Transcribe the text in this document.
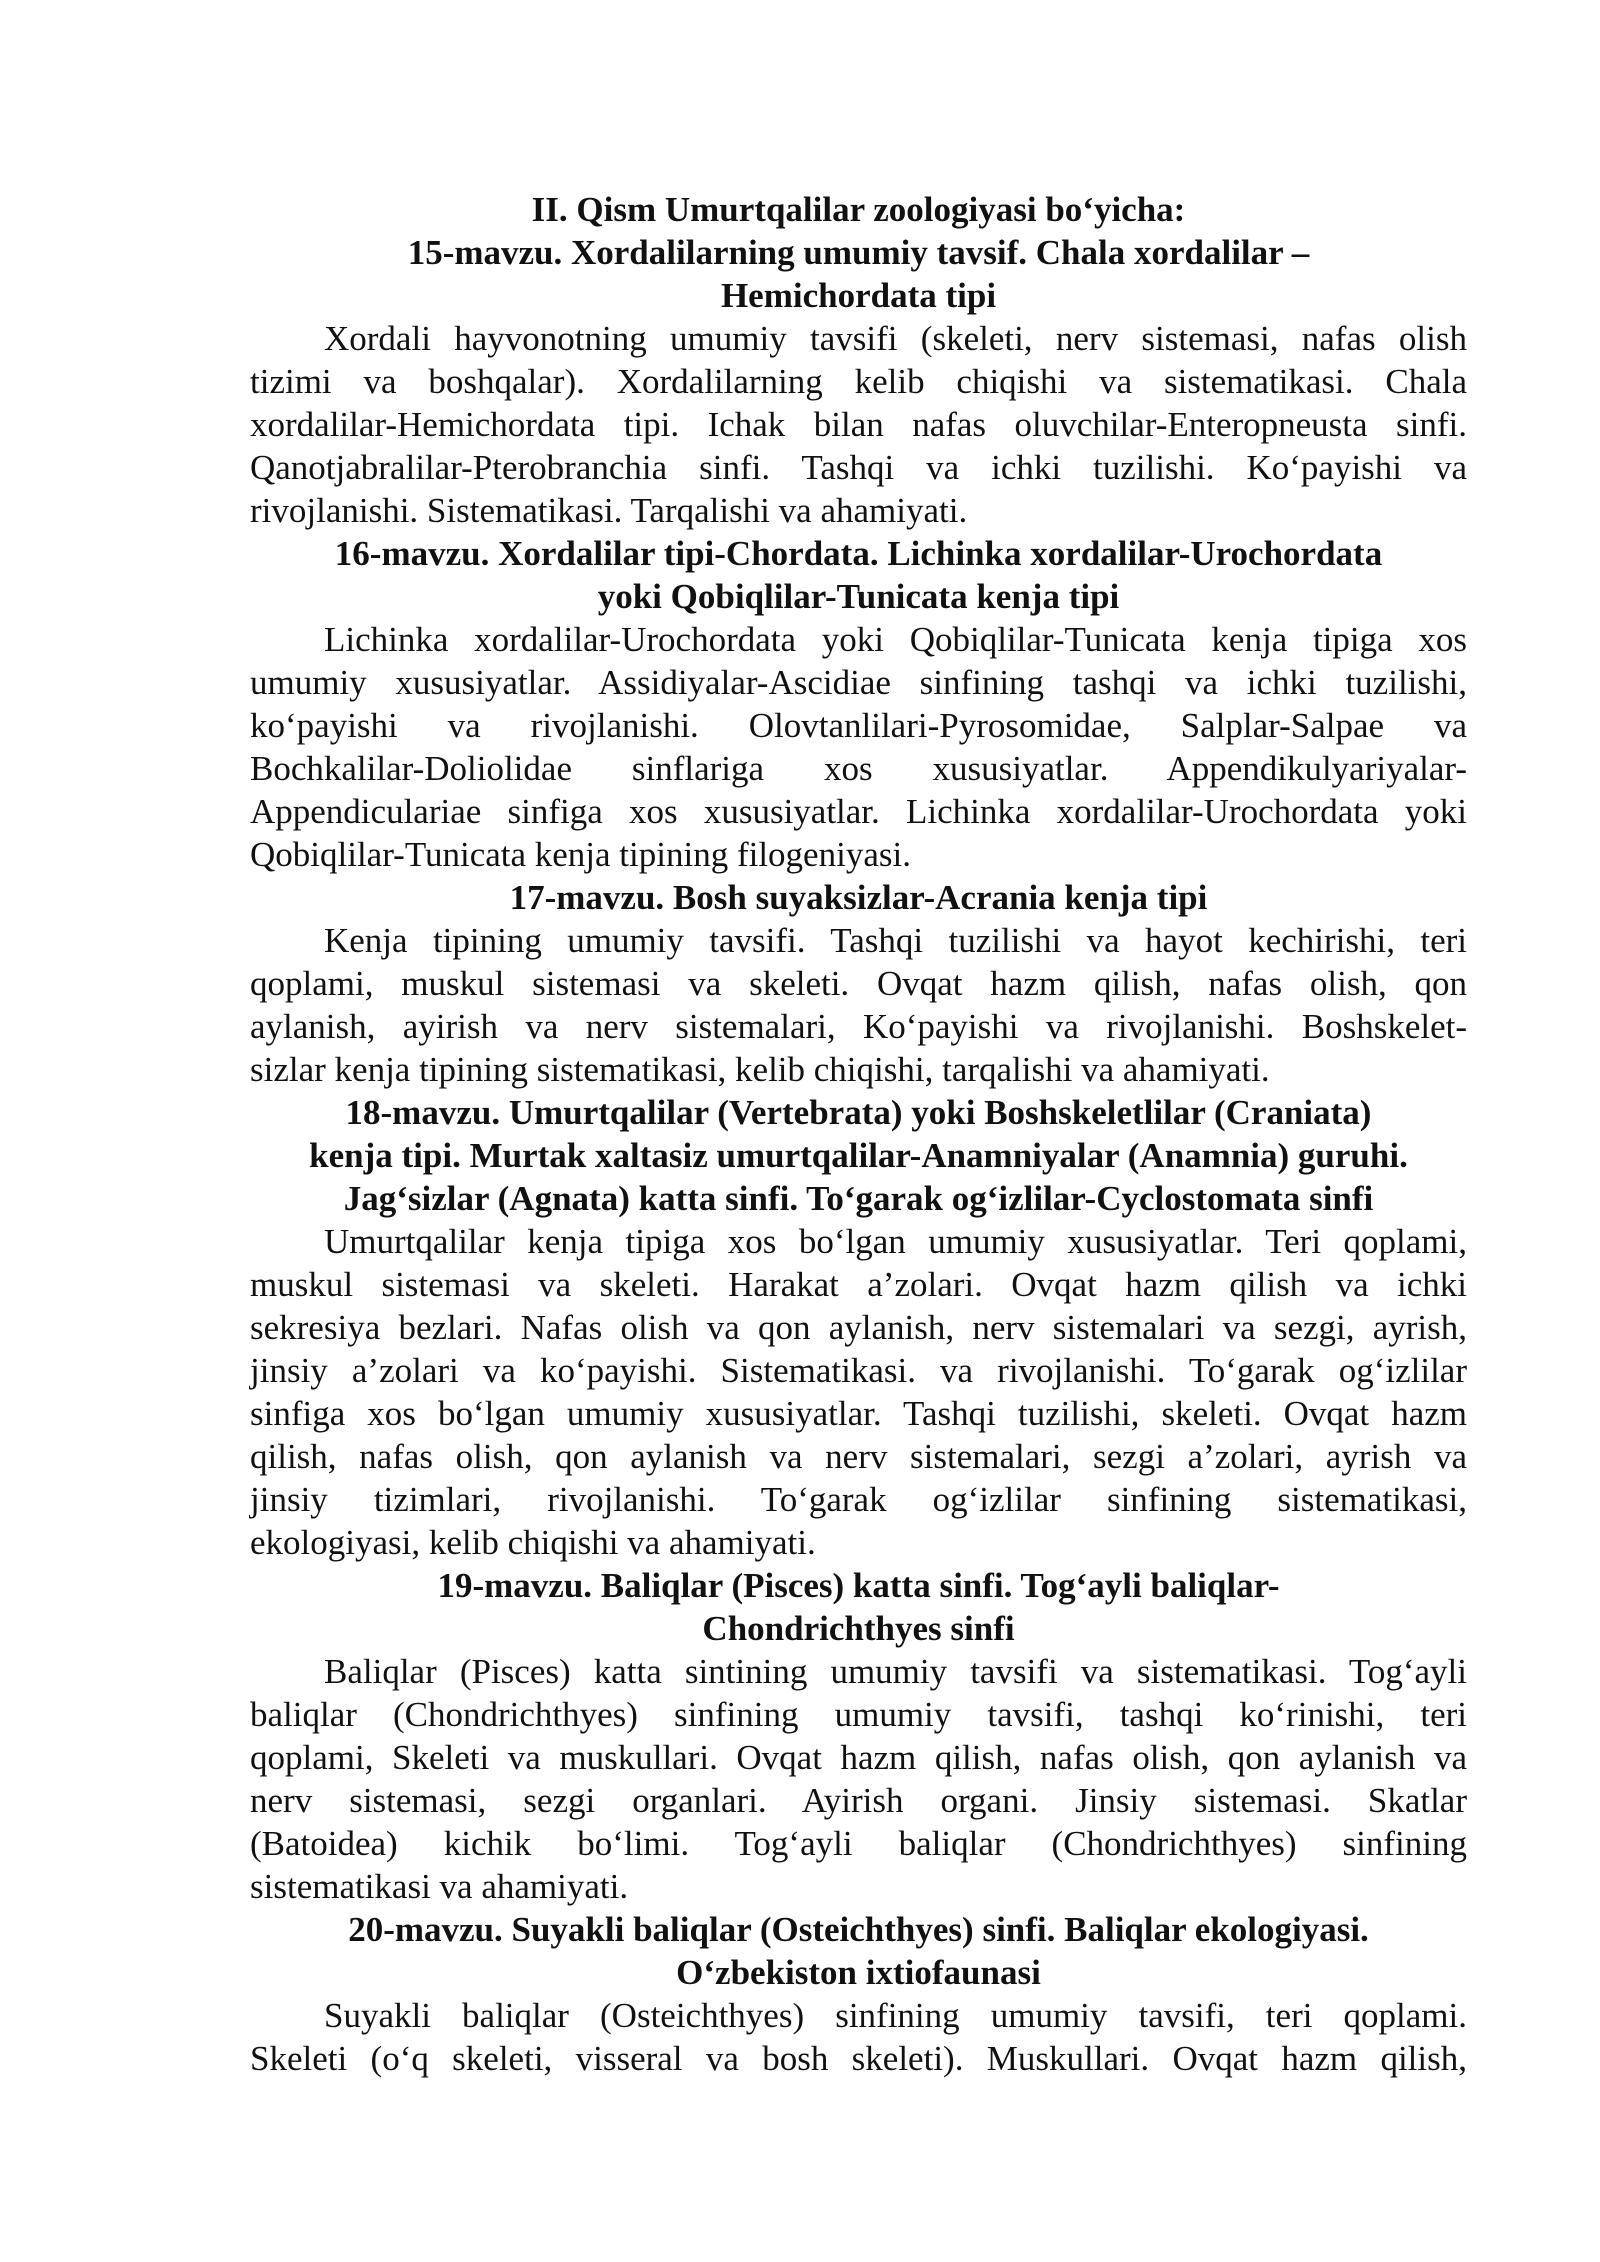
II. Qism Umurtqalilar zoologiyasi bo‘yicha:
15-mavzu. Xordalilarning umumiy tavsif. Chala xordalilar –
Hemichordata tipi
Xordali hayvonotning umumiy tavsifi (skeleti, nerv sistemasi, nafas olish
tizimi va boshqalar). Xordalilarning kelib chiqishi va sistematikasi. Chala
xordalilar-Hemichordata tipi. Ichak bilan nafas oluvchilar-Enteropneusta sinfi.
Qanotjabralilar-Pterobranchia sinfi. Tashqi va ichki tuzilishi. Ko‘payishi va
rivojlanishi. Sistematikasi. Tarqalishi va ahamiyati.
16-mavzu. Xordalilar tipi-Chordata. Lichinka xordalilar-Urochordata
yoki Qobiqlilar-Tunicata kenja tipi
Lichinka xordalilar-Urochordata yoki Qobiqlilar-Tunicata kenja tipiga xos
umumiy xususiyatlar. Assidiyalar-Ascidiae sinfining tashqi va ichki tuzilishi,
ko‘payishi va rivojlanishi. Olovtanlilari-Pyrosomidae, Salplar-Salpae va
Bochkalilar-Doliolidae sinflariga xos xususiyatlar. Appendikulyariyalar-
Appendiculariae sinfiga xos xususiyatlar. Lichinka xordalilar-Urochordata yoki
Qobiqlilar-Tunicata kenja tipining filogeniyasi.
17-mavzu. Bosh suyaksizlar-Acrania kenja tipi
Kenja tipining umumiy tavsifi. Tashqi tuzilishi va hayot kechirishi, teri
qoplami, muskul sistemasi va skeleti. Ovqat hazm qilish, nafas olish, qon
aylanish, ayirish va nerv sistemalari, Ko‘payishi va rivojlanishi. Boshskelet-
sizlar kenja tipining sistematikasi, kelib chiqishi, tarqalishi va ahamiyati.
18-mavzu. Umurtqalilar (Vertebrata) yoki Boshskeletlilar (Craniata)
kenja tipi. Murtak xaltasiz umurtqalilar-Anamniyalar (Anamnia) guruhi.
Jag‘sizlar (Agnata) katta sinfi. To‘garak og‘izlilar-Cyclostomata sinfi
Umurtqalilar kenja tipiga xos bo‘lgan umumiy xususiyatlar. Teri qoplami,
muskul sistemasi va skeleti. Harakat a’zolari. Ovqat hazm qilish va ichki
sekresiya bezlari. Nafas olish va qon aylanish, nerv sistemalari va sezgi, ayrish,
jinsiy a’zolari va ko‘payishi. Sistematikasi. va rivojlanishi. To‘garak og‘izlilar
sinfiga xos bo‘lgan umumiy xususiyatlar. Tashqi tuzilishi, skeleti. Ovqat hazm
qilish, nafas olish, qon aylanish va nerv sistemalari, sezgi a’zolari, ayrish va
jinsiy tizimlari, rivojlanishi. To‘garak og‘izlilar sinfining sistematikasi,
ekologiyasi, kelib chiqishi va ahamiyati.
19-mavzu. Baliqlar (Pisces) katta sinfi. Tog‘ayli baliqlar-
Chondrichthyes sinfi
Baliqlar (Pisces) katta sintining umumiy tavsifi va sistematikasi. Tog‘ayli
baliqlar (Chondrichthyes) sinfining umumiy tavsifi, tashqi ko‘rinishi, teri
qoplami, Skeleti va muskullari. Ovqat hazm qilish, nafas olish, qon aylanish va
nerv sistemasi, sezgi organlari. Ayirish organi. Jinsiy sistemasi. Skatlar
(Batoidea) kichik bo‘limi. Tog‘ayli baliqlar (Chondrichthyes) sinfining
sistematikasi va ahamiyati.
20-mavzu. Suyakli baliqlar (Osteichthyes) sinfi. Baliqlar ekologiyasi.
O‘zbekiston ixtiofaunasi
Suyakli baliqlar (Osteichthyes) sinfining umumiy tavsifi, teri qoplami.
Skeleti (o‘q skeleti, visseral va bosh skeleti). Muskullari. Ovqat hazm qilish,
